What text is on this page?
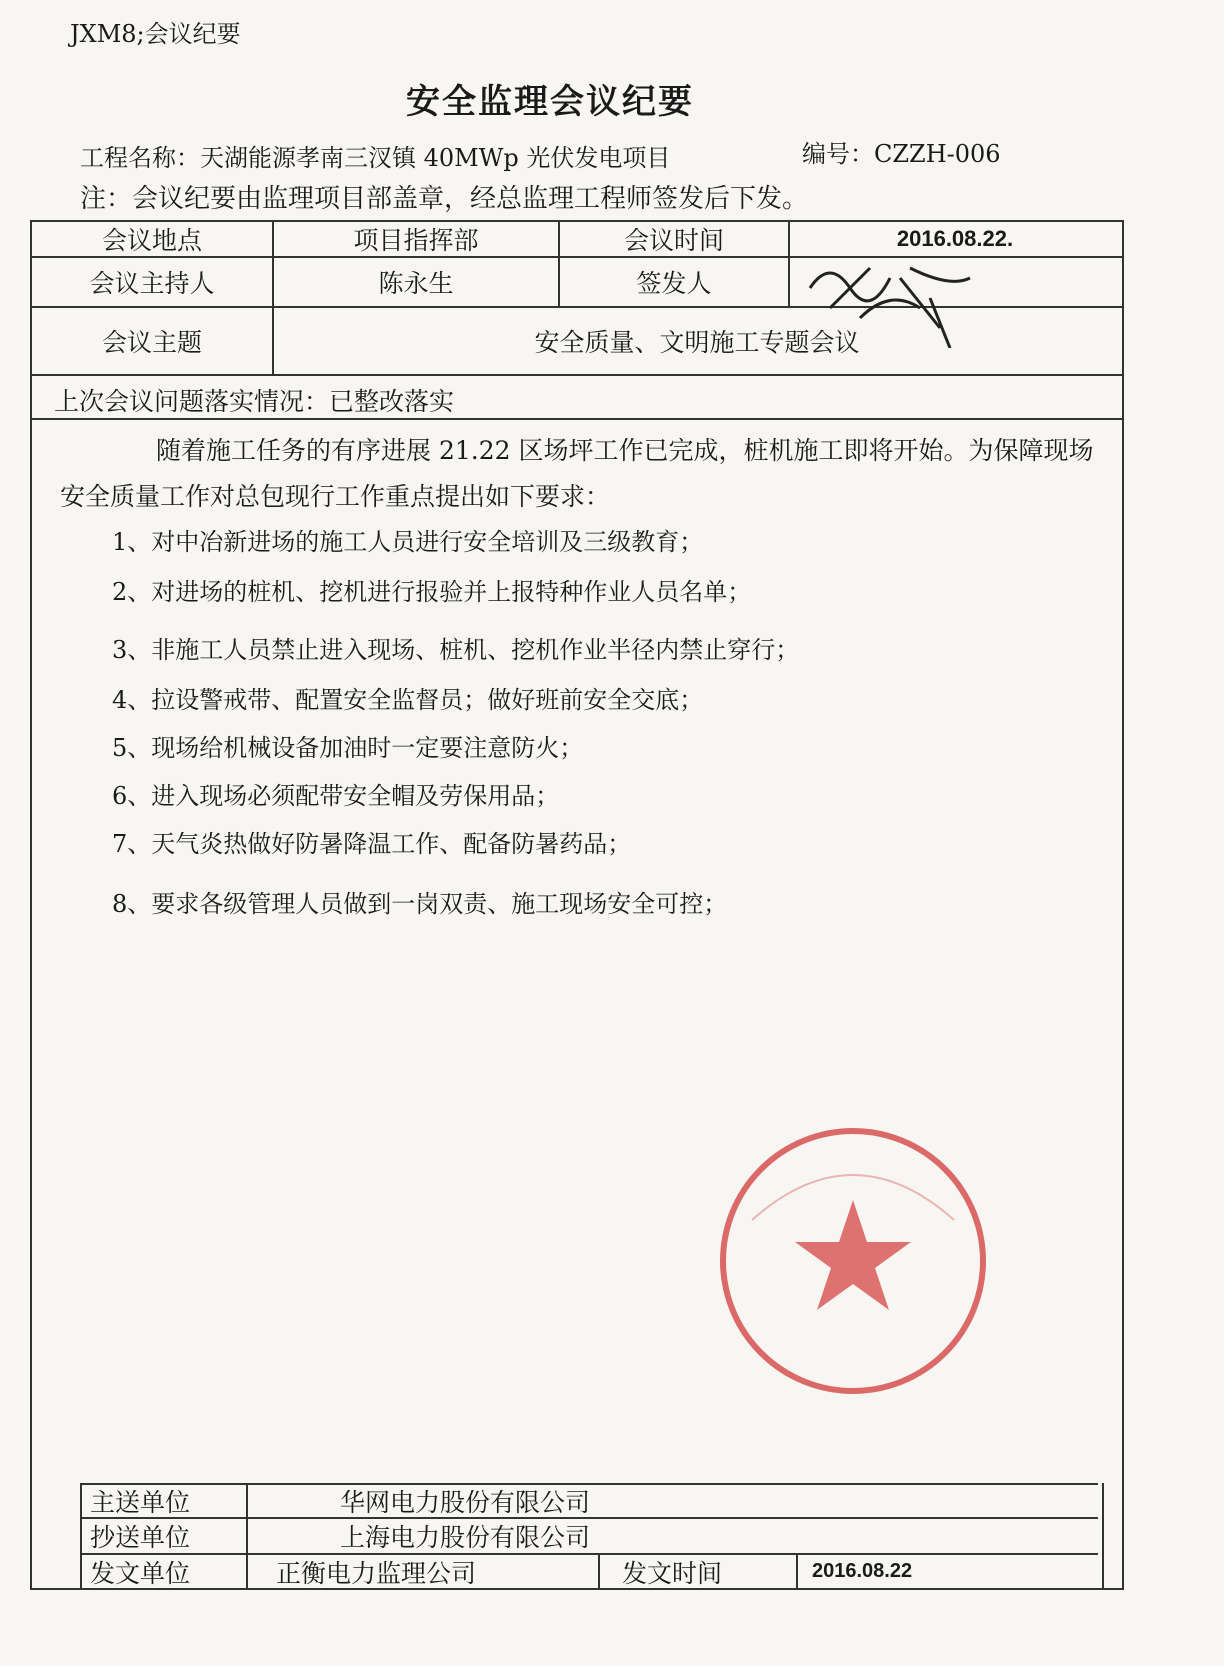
JXM8;会议纪要
安全监理会议纪要
工程名称：天湖能源孝南三汊镇 40MWp 光伏发电项目	编号：CZZH-006
注：会议纪要由监理项目部盖章，经总监理工程师签发后下发。
会议地点	项目指挥部	会议时间	2016.08.22.
会议主持人	陈永生	签发人
会议主题	安全质量、文明施工专题会议
上次会议问题落实情况：已整改落实
随着施工任务的有序进展 21.22 区场坪工作已完成，桩机施工即将开始。为保障现场安全质量工作对总包现行工作重点提出如下要求：
1、对中冶新进场的施工人员进行安全培训及三级教育；
2、对进场的桩机、挖机进行报验并上报特种作业人员名单；
3、非施工人员禁止进入现场、桩机、挖机作业半径内禁止穿行；
4、拉设警戒带、配置安全监督员；做好班前安全交底；
5、现场给机械设备加油时一定要注意防火；
6、进入现场必须配带安全帽及劳保用品；
7、天气炎热做好防暑降温工作、配备防暑药品；
8、要求各级管理人员做到一岗双责、施工现场安全可控；
主送单位	华网电力股份有限公司
抄送单位	上海电力股份有限公司
发文单位	正衡电力监理公司	发文时间	2016.08.22
